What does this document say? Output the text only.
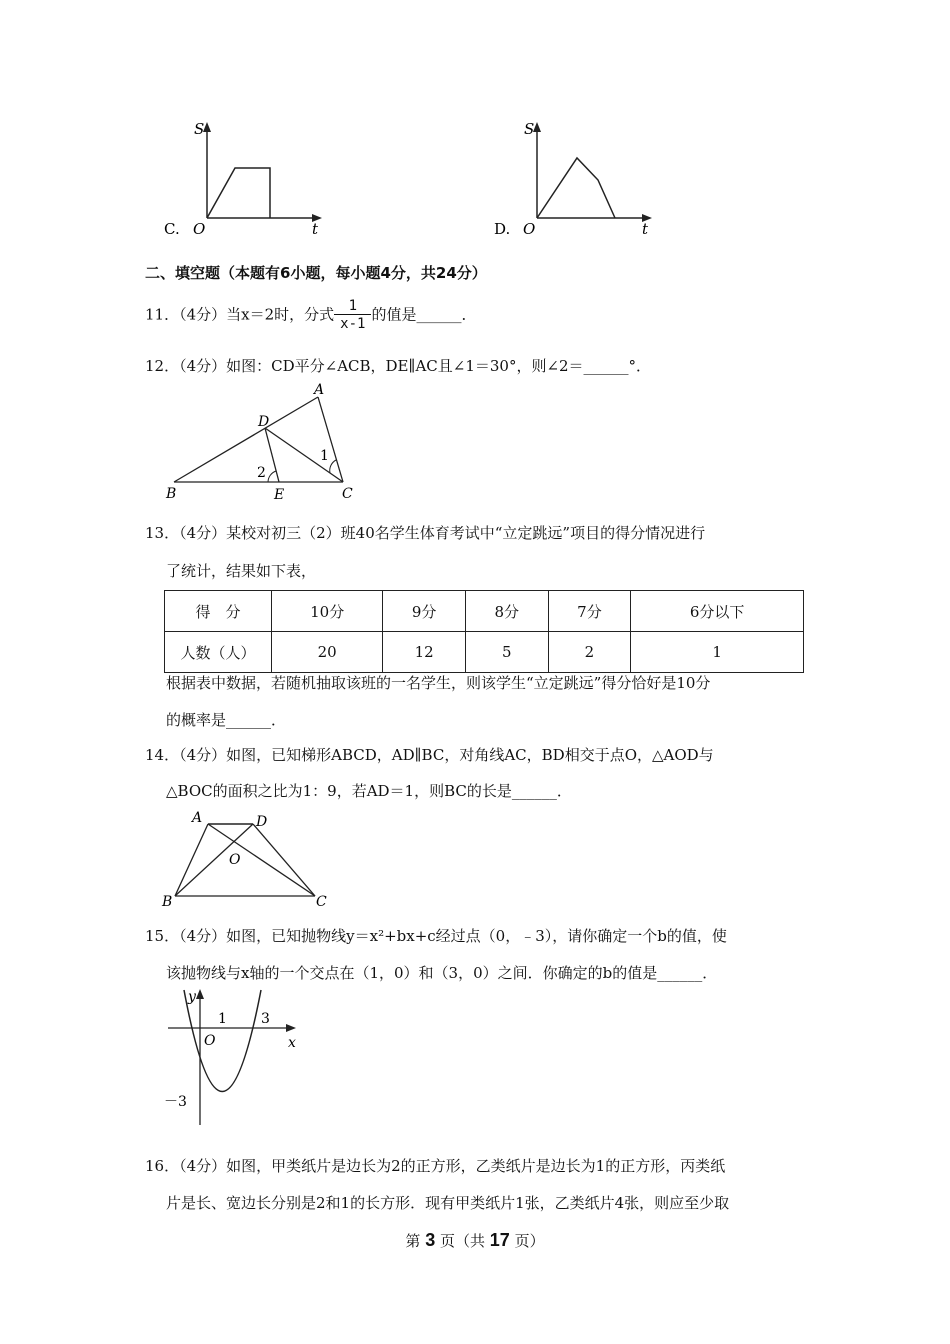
C. O
S
t	D. O
S
t
二、填空题（本题有6小题，每小题4分，共24分）
11．（4分）当x＝2时，分式 $\frac{1}{x-1}$ 的值是______．
12．（4分）如图：CD平分∠ACB，DE∥AC且∠1＝30°，则∠2＝______°．
A
B	C
D
E
1
2
13．（4分）某校对初三（2）班40名学生体育考试中“立定跳远”项目的得分情况进行
了统计，结果如下表，
得　分	10分	9分	8分	7分	6分以下
人数（人）	20	12	5	2	1
根据表中数据，若随机抽取该班的一名学生，则该学生“立定跳远”得分恰好是10分
的概率是______．
14．（4分）如图，已知梯形ABCD，AD∥BC，对角线AC，BD相交于点O，△AOD与
△BOC的面积之比为1：9，若AD＝1，则BC的长是______．
A	D
O
B	C
15．（4分）如图，已知抛物线y＝x²+bx+c经过点（0，﹣3），请你确定一个b的值，使
该抛物线与x轴的一个交点在（1，0）和（3，0）之间．你确定的b的值是______．
y
1 3
O	x
－3
16．（4分）如图，甲类纸片是边长为2的正方形，乙类纸片是边长为1的正方形，丙类纸
片是长、宽边长分别是2和1的长方形．现有甲类纸片1张，乙类纸片4张，则应至少取
第 3 页（共 17 页）
